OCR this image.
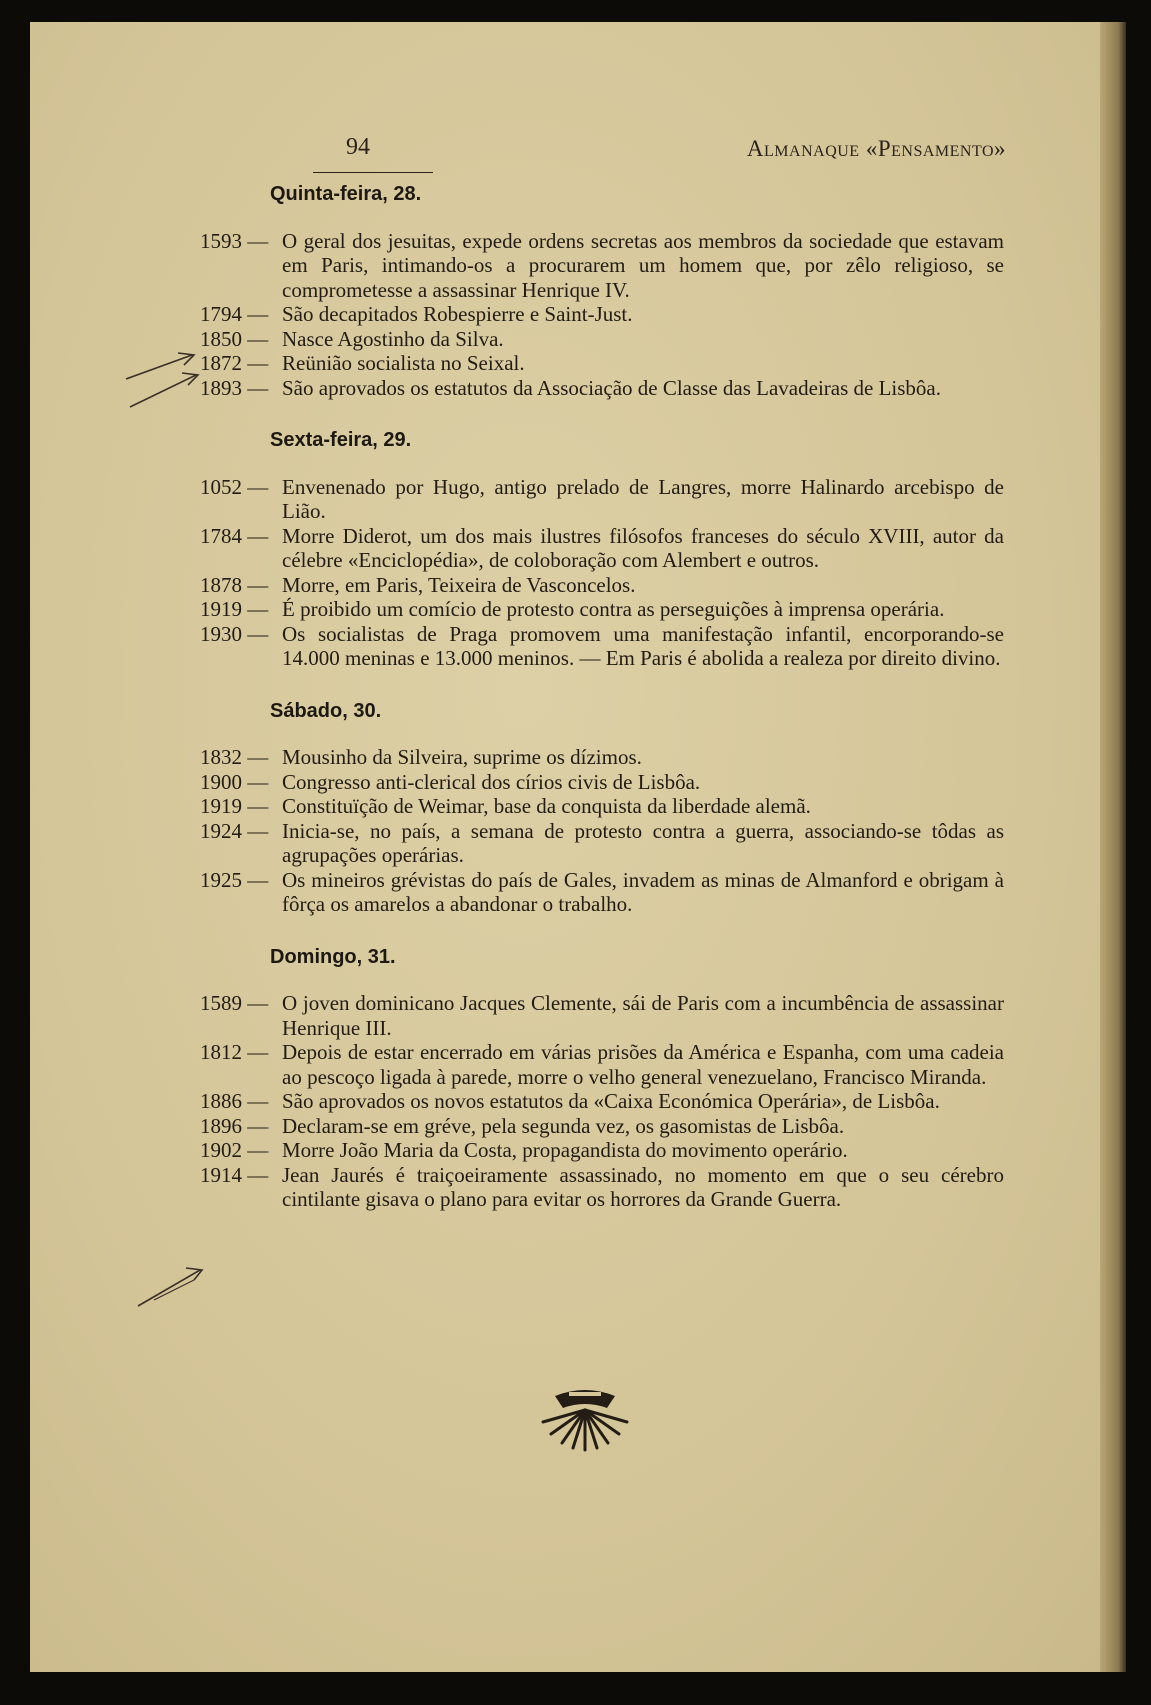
94	Almanaque «Pensamento»
Quinta-feira, 28.
1593 —	O geral dos jesuitas, expede ordens secretas aos membros da sociedade que estavam em Paris, intimando-os a procurarem um homem que, por zêlo religioso, se comprometesse a assassinar Henrique IV.
1794 —	São decapitados Robespierre e Saint-Just.
1850 —	Nasce Agostinho da Silva.
1872 —	Reünião socialista no Seixal.
1893 —	São aprovados os estatutos da Associação de Classe das Lavadeiras de Lisbôa.
Sexta-feira, 29.
1052 —	Envenenado por Hugo, antigo prelado de Langres, morre Halinardo arcebispo de Lião.
1784 —	Morre Diderot, um dos mais ilustres filósofos franceses do século XVIII, autor da célebre «Enciclopédia», de coloboração com Alembert e outros.
1878 —	Morre, em Paris, Teixeira de Vasconcelos.
1919 —	É proibido um comício de protesto contra as perseguições à imprensa operária.
1930 —	Os socialistas de Praga promovem uma manifestação infantil, encorporando-se 14.000 meninas e 13.000 meninos. — Em Paris é abolida a realeza por direito divino.
Sábado, 30.
1832 —	Mousinho da Silveira, suprime os dízimos.
1900 —	Congresso anti-clerical dos círios civis de Lisbôa.
1919 —	Constituïção de Weimar, base da conquista da liberdade alemã.
1924 —	Inicia-se, no país, a semana de protesto contra a guerra, associando-se tôdas as agrupações operárias.
1925 —	Os mineiros grévistas do país de Gales, invadem as minas de Almanford e obrigam à fôrça os amarelos a abandonar o trabalho.
Domingo, 31.
1589 —	O joven dominicano Jacques Clemente, sái de Paris com a incumbência de assassinar Henrique III.
1812 —	Depois de estar encerrado em várias prisões da América e Espanha, com uma cadeia ao pescoço ligada à parede, morre o velho general venezuelano, Francisco Miranda.
1886 —	São aprovados os novos estatutos da «Caixa Económica Operária», de Lisbôa.
1896 —	Declaram-se em gréve, pela segunda vez, os gasomistas de Lisbôa.
1902 —	Morre João Maria da Costa, propagandista do movimento operário.
1914 —	Jean Jaurés é traiçoeiramente assassinado, no momento em que o seu cérebro cintilante gisava o plano para evitar os horrores da Grande Guerra.
